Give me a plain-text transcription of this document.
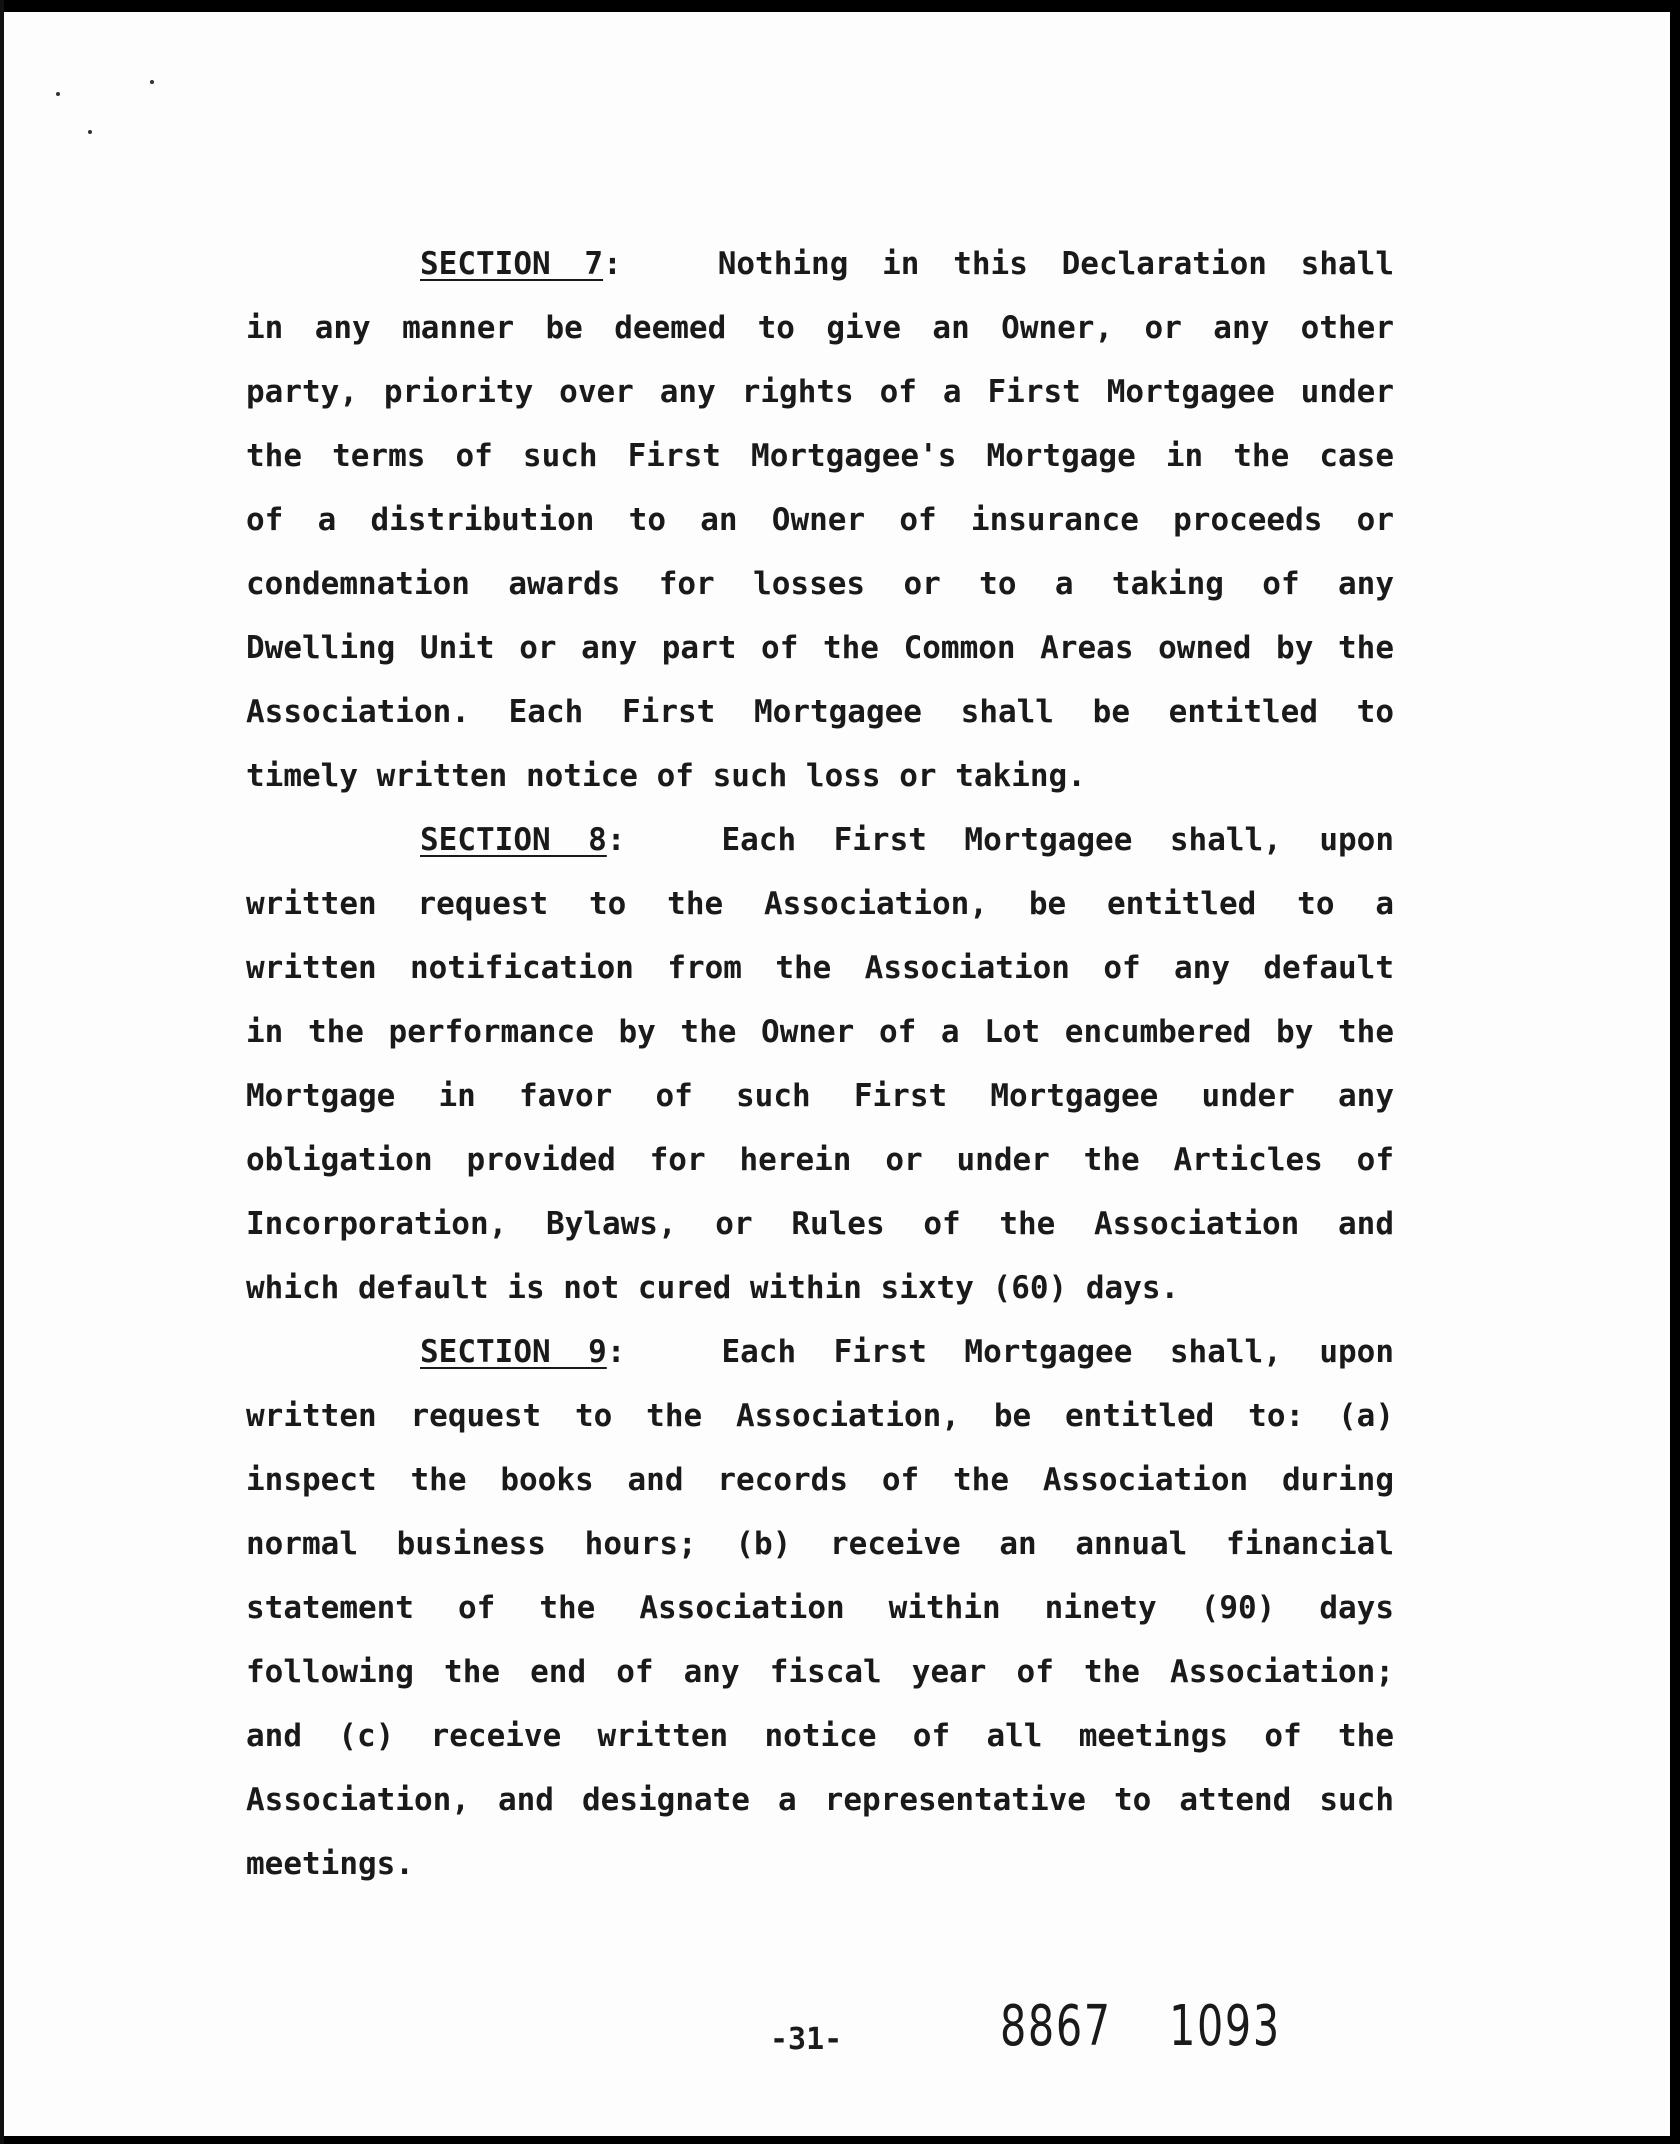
SECTION 7:	Nothing in this Declaration shall
in any manner be deemed to give an Owner, or any other
party, priority over any rights of a First Mortgagee under
the terms of such First Mortgagee's Mortgage in the case
of a distribution to an Owner of insurance proceeds or
condemnation awards for losses or to a taking of any
Dwelling Unit or any part of the Common Areas owned by the
Association. Each First Mortgagee shall be entitled to
timely written notice of such loss or taking.
SECTION 8:	Each First Mortgagee shall, upon
written request to the Association, be entitled to a
written notification from the Association of any default
in the performance by the Owner of a Lot encumbered by the
Mortgage in favor of such First Mortgagee under any
obligation provided for herein or under the Articles of
Incorporation, Bylaws, or Rules of the Association and
which default is not cured within sixty (60) days.
SECTION 9:	Each First Mortgagee shall, upon
written request to the Association, be entitled to: (a)
inspect the books and records of the Association during
normal business hours; (b) receive an annual financial
statement of the Association within ninety (90) days
following the end of any fiscal year of the Association;
and (c) receive written notice of all meetings of the
Association, and designate a representative to attend such
meetings.
-31-	8867 1093
